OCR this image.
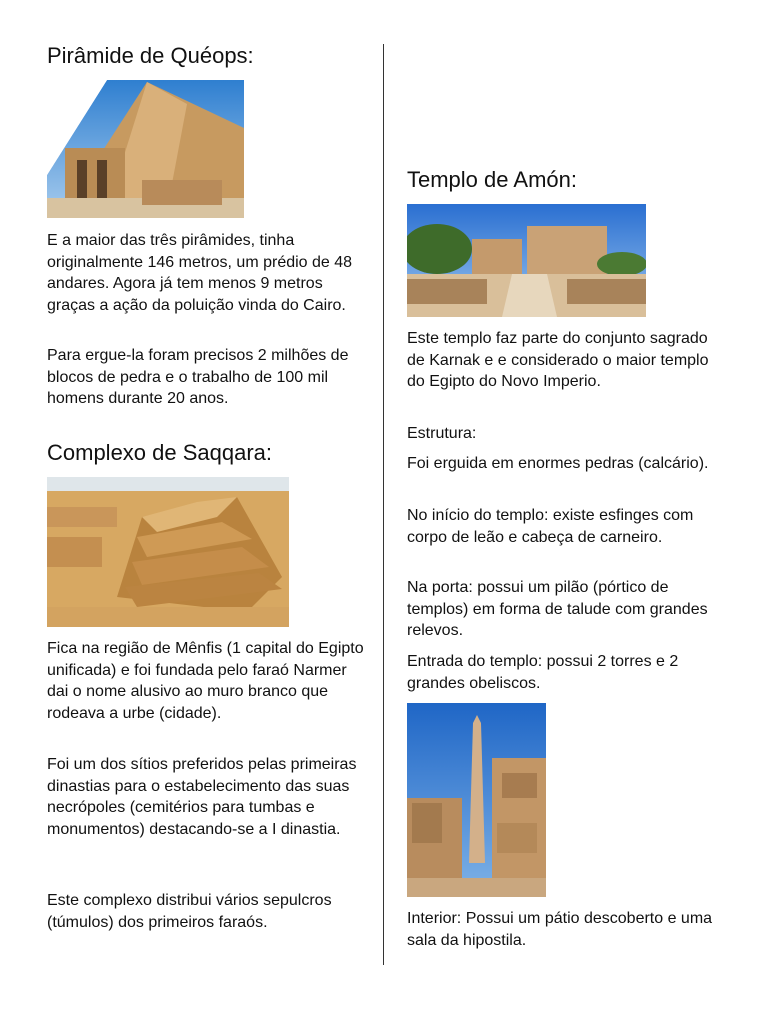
Pirâmide de Quéops:

E a maior das três pirâmides, tinha originalmente 146 metros, um prédio de 48 andares. Agora já tem menos 9 metros graças a ação da poluição vinda do Cairo.

Para ergue-la foram precisos 2 milhões de blocos de pedra e o trabalho de 100 mil homens durante 20 anos.

Complexo de Saqqara:

Fica na região de Mênfis (1 capital do Egipto unificada) e foi fundada pelo faraó Narmer dai o nome alusivo ao muro branco que rodeava a urbe (cidade).

Foi um dos sítios preferidos pelas primeiras dinastias para o estabelecimento das suas necrópoles (cemitérios para tumbas e monumentos) destacando-se a I dinastia.

Este complexo distribui vários sepulcros (túmulos) dos primeiros faraós.

Templo de Amón:

Este templo faz parte do conjunto sagrado de Karnak e e considerado o maior templo do Egipto do Novo Imperio.

Estrutura:

Foi erguida em enormes pedras (calcário).

No início do templo: existe esfinges com corpo de leão e cabeça de carneiro.

Na porta: possui um pilão (pórtico de templos) em forma de talude com grandes relevos.

Entrada do templo: possui 2 torres e 2 grandes obeliscos.

Interior: Possui um pátio descoberto e uma sala da hipostila.
